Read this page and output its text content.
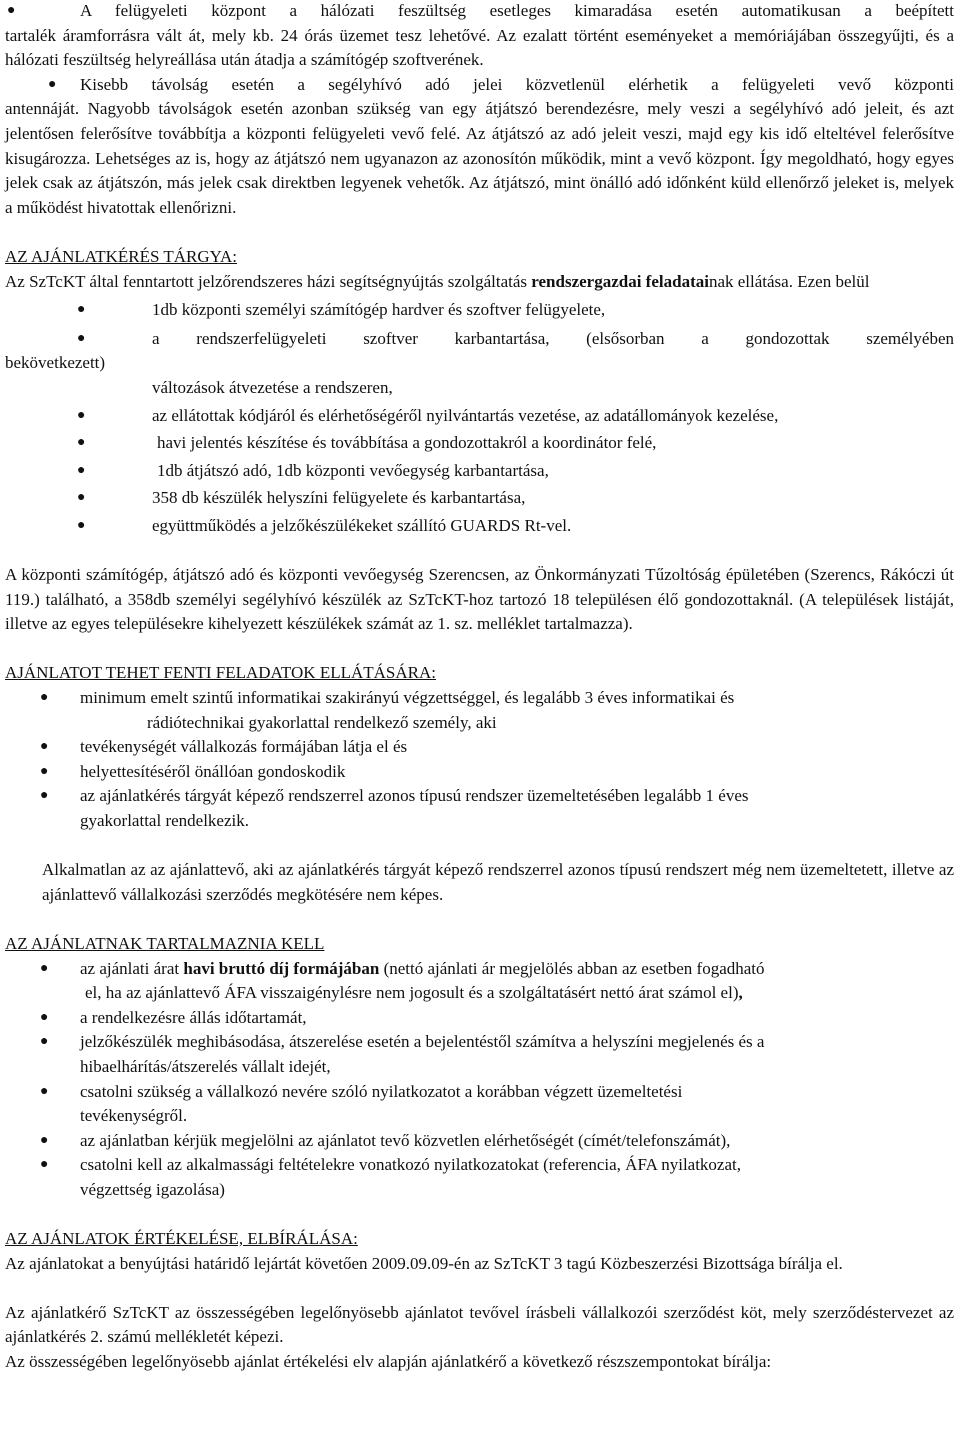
●	A felügyeleti központ a hálózati feszültség esetleges kimaradása esetén automatikusan a beépített

tartalék áramforrásra vált át, mely kb. 24 órás üzemet tesz lehetővé. Az ezalatt történt eseményeket a memóriájában összegyűjti, és a hálózati feszültség helyreállása után átadja a számítógép szoftverének.

●	Kisebb távolság esetén a segélyhívó adó jelei közvetlenül elérhetik a felügyeleti vevő központi

antennáját. Nagyobb távolságok esetén azonban szükség van egy átjátszó berendezésre, mely veszi a segélyhívó adó jeleit, és azt jelentősen felerősítve továbbítja a központi felügyeleti vevő felé. Az átjátszó az adó jeleit veszi, majd egy kis idő elteltével felerősítve kisugározza. Lehetséges az is, hogy az átjátszó nem ugyanazon az azonosítón működik, mint a vevő központ. Így megoldható, hogy egyes jelek csak az átjátszón, más jelek csak direktben legyenek vehetők. Az átjátszó, mint önálló adó időnként küld ellenőrző jeleket is, melyek a működést hivatottak ellenőrizni.

AZ AJÁNLATKÉRÉS TÁRGYA:

Az SzTcKT által fenntartott jelzőrendszeres házi segítségnyújtás szolgáltatás rendszergazdai feladatainak ellátása. Ezen belül

●	1db központi személyi számítógép hardver és szoftver felügyelete,

●	a rendszerfelügyeleti szoftver karbantartása, (elsősorban a gondozottak személyében

bekövetkezett)

változások átvezetése a rendszeren,

●	az ellátottak kódjáról és elérhetőségéről nyilvántartás vezetése, az adatállományok kezelése,

●	havi jelentés készítése és továbbítása a gondozottakról a koordinátor felé,

●	1db átjátszó adó, 1db központi vevőegység karbantartása,

●	358 db készülék helyszíni felügyelete és karbantartása,

●	együttműködés a jelzőkészülékeket szállító GUARDS Rt-vel.

A központi számítógép, átjátszó adó és központi vevőegység Szerencsen, az Önkormányzati Tűzoltóság épületében (Szerencs, Rákóczi út 119.) található, a 358db személyi segélyhívó készülék az SzTcKT-hoz tartozó 18 településen élő gondozottaknál. (A települések listáját, illetve az egyes településekre kihelyezett készülékek számát az 1. sz. melléklet tartalmazza).

AJÁNLATOT TEHET FENTI FELADATOK ELLÁTÁSÁRA:

●	minimum emelt szintű informatikai szakirányú végzettséggel, és legalább 3 éves informatikai és

rádiótechnikai gyakorlattal rendelkező személy, aki

●	tevékenységét vállalkozás formájában látja el és

●	helyettesítéséről önállóan gondoskodik

●	az ajánlatkérés tárgyát képező rendszerrel azonos típusú rendszer üzemeltetésében legalább 1 éves

gyakorlattal rendelkezik.

Alkalmatlan az az ajánlattevő, aki az ajánlatkérés tárgyát képező rendszerrel azonos típusú rendszert még nem üzemeltetett, illetve az ajánlattevő vállalkozási szerződés megkötésére nem képes.

AZ AJÁNLATNAK TARTALMAZNIA KELL

●	az ajánlati árat havi bruttó díj formájában (nettó ajánlati ár megjelölés abban az esetben fogadható

el, ha az ajánlattevő ÁFA visszaigénylésre nem jogosult és a szolgáltatásért nettó árat számol el),

●	a rendelkezésre állás időtartamát,

●	jelzőkészülék meghibásodása, átszerelése esetén a bejelentéstől számítva a helyszíni megjelenés és a

hibaelhárítás/átszerelés vállalt idejét,

●	csatolni szükség a vállalkozó nevére szóló nyilatkozatot a korábban végzett üzemeltetési

tevékenységről.

●	az ajánlatban kérjük megjelölni az ajánlatot tevő közvetlen elérhetőségét (címét/telefonszámát),

●	csatolni kell az alkalmassági feltételekre vonatkozó nyilatkozatokat (referencia, ÁFA nyilatkozat,

végzettség igazolása)

AZ AJÁNLATOK ÉRTÉKELÉSE, ELBÍRÁLÁSA:

Az ajánlatokat a benyújtási határidő lejártát követően 2009.09.09-én az SzTcKT 3 tagú Közbeszerzési Bizottsága bírálja el.

Az ajánlatkérő SzTcKT az összességében legelőnyösebb ajánlatot tevővel írásbeli vállalkozói szerződést köt, mely szerződéstervezet az ajánlatkérés 2. számú mellékletét képezi.

Az összességében legelőnyösebb ajánlat értékelési elv alapján ajánlatkérő a következő részszempontokat bírálja:
